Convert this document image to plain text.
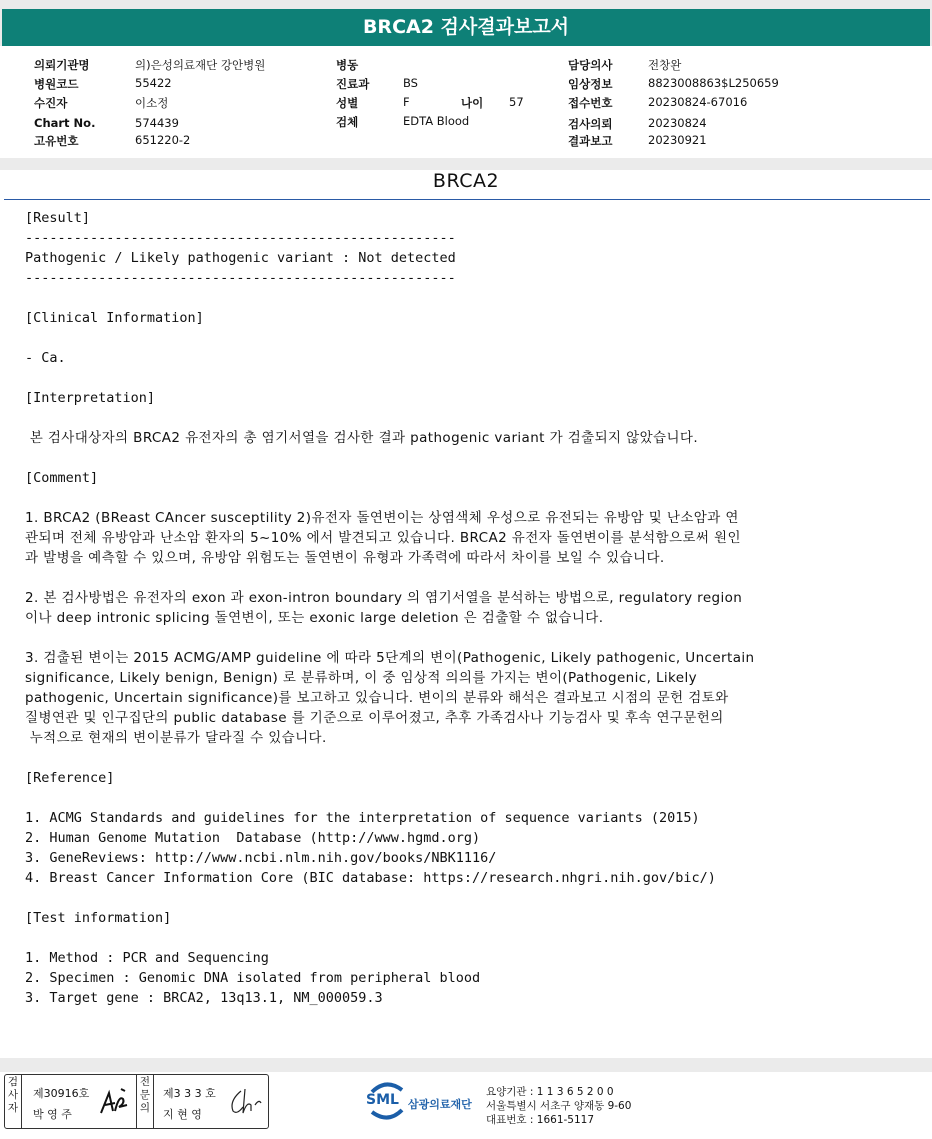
BRCA2 검사결과보고서
의뢰기관명	의)은성의료재단 강안병원
병원코드	55422
수진자	이소정
Chart No.	574439
고유번호	651220-2
병동
진료과	BS
성별	F	나이 57
검체	EDTA Blood
담당의사	전창완
임상정보	8823008863$L250659
접수번호	20230824-67016
검사의뢰	20230824
결과보고	20230921
BRCA2
[Result]
-----------------------------------------------------
Pathogenic / Likely pathogenic variant : Not detected
-----------------------------------------------------
[Clinical Information]
- Ca.
[Interpretation]
본 검사대상자의 BRCA2 유전자의 총 염기서열을 검사한 결과 pathogenic variant 가 검출되지 않았습니다.
[Comment]
1. BRCA2 (BReast CAncer susceptility 2)유전자 돌연변이는 상염색체 우성으로 유전되는 유방암 및 난소암과 연
관되며 전체 유방암과 난소암 환자의 5~10% 에서 발견되고 있습니다. BRCA2 유전자 돌연변이를 분석함으로써 원인
과 발병을 예측할 수 있으며, 유방암 위험도는 돌연변이 유형과 가족력에 따라서 차이를 보일 수 있습니다.
2. 본 검사방법은 유전자의 exon 과 exon-intron boundary 의 염기서열을 분석하는 방법으로, regulatory region
이나 deep intronic splicing 돌연변이, 또는 exonic large deletion 은 검출할 수 없습니다.
3. 검출된 변이는 2015 ACMG/AMP guideline 에 따라 5단계의 변이(Pathogenic, Likely pathogenic, Uncertain
significance, Likely benign, Benign) 로 분류하며, 이 중 임상적 의의를 가지는 변이(Pathogenic, Likely
pathogenic, Uncertain significance)를 보고하고 있습니다. 변이의 분류와 해석은 결과보고 시점의 문헌 검토와
질병연관 및 인구집단의 public database 를 기준으로 이루어졌고, 추후 가족검사나 기능검사 및 후속 연구문헌의
누적으로 현재의 변이분류가 달라질 수 있습니다.
[Reference]
1. ACMG Standards and guidelines for the interpretation of sequence variants (2015)
2. Human Genome Mutation  Database (http://www.hgmd.org)
3. GeneReviews: http://www.ncbi.nlm.nih.gov/books/NBK1116/
4. Breast Cancer Information Core (BIC database: https://research.nhgri.nih.gov/bic/)
[Test information]
1. Method : PCR and Sequencing
2. Specimen : Genomic DNA isolated from peripheral blood
3. Target gene : BRCA2, 13q13.1, NM_000059.3
검사자
제30916호
박 영 주
전문의
제3 3 3 호
지 현 영
SML 삼광의료재단
요양기관 : 1 1 3 6 5 2 0 0
서울특별시 서초구 양재동 9-60
대표번호 : 1661-5117
